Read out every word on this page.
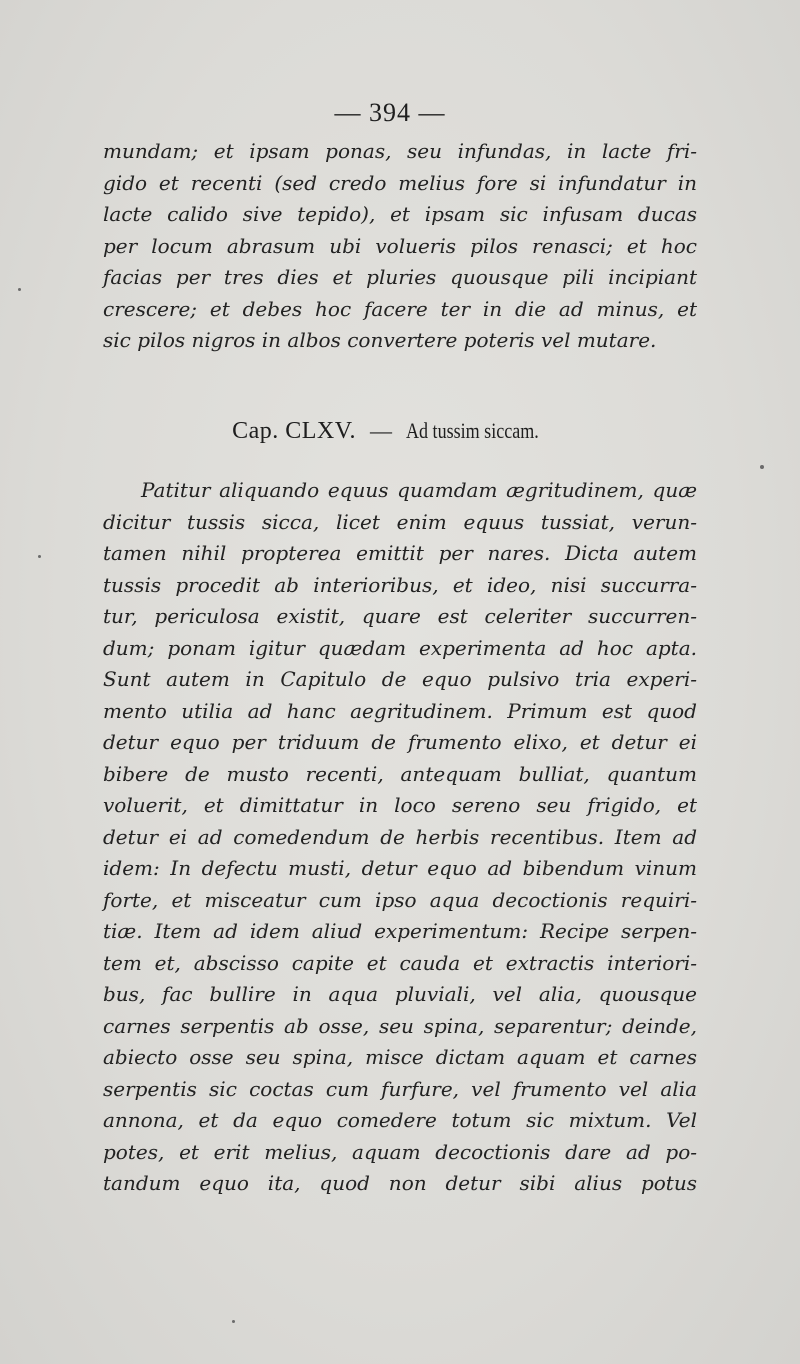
— 394 —
mundam; et ipsam ponas, seu infundas, in lacte fri-
gido et recenti (sed credo melius fore si infundatur in
lacte calido sive tepido), et ipsam sic infusam ducas
per locum abrasum ubi volueris pilos renasci; et hoc
facias per tres dies et pluries quousque pili incipiant
crescere; et debes hoc facere ter in die ad minus, et
sic pilos nigros in albos convertere poteris vel mutare.
Cap. CLXV. — Ad tussim siccam.
Patitur aliquando equus quamdam ægritudinem, quæ
dicitur tussis sicca, licet enim equus tussiat, verun-
tamen nihil propterea emittit per nares. Dicta autem
tussis procedit ab interioribus, et ideo, nisi succurra-
tur, periculosa existit, quare est celeriter succurren-
dum; ponam igitur quædam experimenta ad hoc apta.
Sunt autem in Capitulo de equo pulsivo tria experi-
mento utilia ad hanc aegritudinem. Primum est quod
detur equo per triduum de frumento elixo, et detur ei
bibere de musto recenti, antequam bulliat, quantum
voluerit, et dimittatur in loco sereno seu frigido, et
detur ei ad comedendum de herbis recentibus. Item ad
idem: In defectu musti, detur equo ad bibendum vinum
forte, et misceatur cum ipso aqua decoctionis requiri-
tiæ. Item ad idem aliud experimentum: Recipe serpen-
tem et, abscisso capite et cauda et extractis interiori-
bus, fac bullire in aqua pluviali, vel alia, quousque
carnes serpentis ab osse, seu spina, separentur; deinde,
abiecto osse seu spina, misce dictam aquam et carnes
serpentis sic coctas cum furfure, vel frumento vel alia
annona, et da equo comedere totum sic mixtum. Vel
potes, et erit melius, aquam decoctionis dare ad po-
tandum equo ita, quod non detur sibi alius potus
